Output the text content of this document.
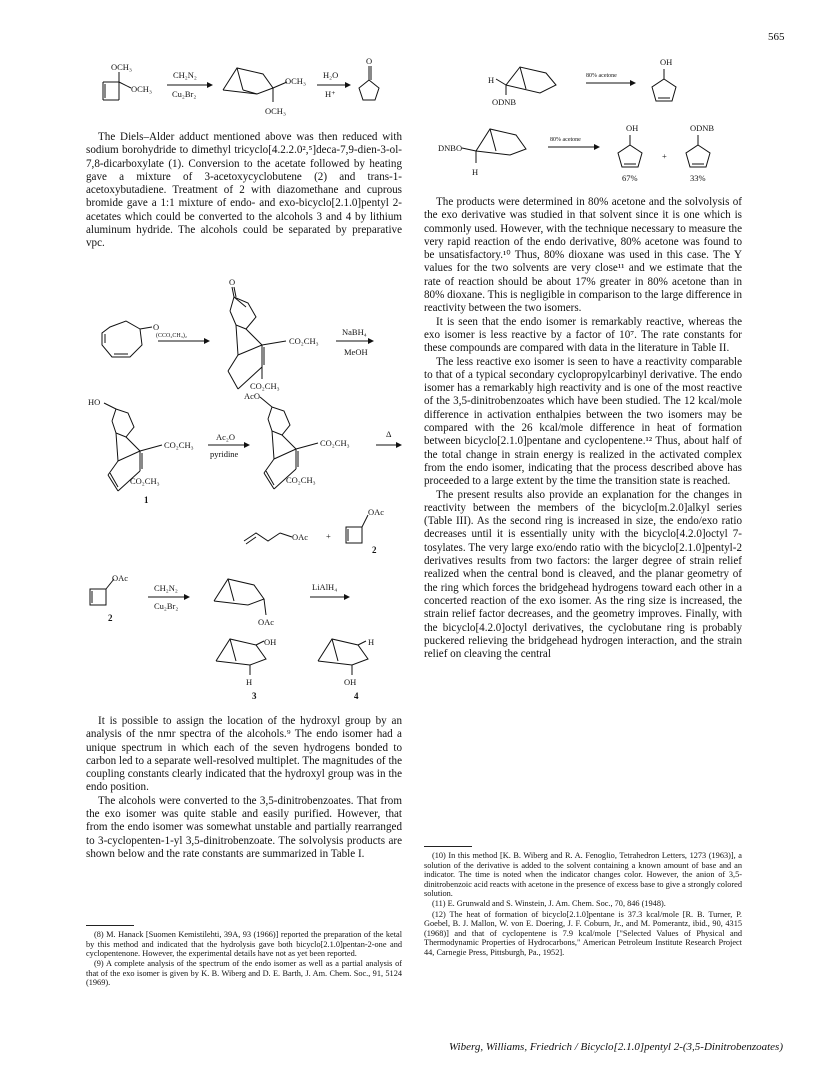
565
OCH₃
OCH₃
CH₂N₂
Cu₂Br₂
OCH₃
OCH₃
H₂O
H⁺
O

The Diels–Alder adduct mentioned above was then reduced with sodium borohydride to dimethyl tricyclo[4.2.2.0²,⁵]deca-7,9-dien-3-ol-7,8-dicarboxylate (1). Conversion to the acetate followed by heating gave a mixture of 3-acetoxycyclobutene (2) and trans-1-acetoxybutadiene. Treatment of 2 with diazomethane and cuprous bromide gave a 1:1 mixture of endo- and exo-bicyclo[2.1.0]pentyl 2-acetates which could be converted to the alcohols 3 and 4 by lithium aluminum hydride. The alcohols could be separated by preparative vpc.

O
(CCO₂CH₃)₂
O
CO₂CH₃
CO₂CH₃
NaBH₄
MeOH
HO
CO₂CH₃
CO₂CH₃
1
Ac₂O
pyridine
AcO
CO₂CH₃
CO₂CH₃
Δ
OAc +
OAc
2
OAc
2
CH₂N₂
Cu₂Br₂
OAc
LiAlH₄
OH
H
3
H
OH
4

It is possible to assign the location of the hydroxyl group by an analysis of the nmr spectra of the alcohols.⁹ The endo isomer had a unique spectrum in which each of the seven hydrogens bonded to carbon led to a separate well-resolved multiplet. The magnitudes of the coupling constants clearly indicated that the hydroxyl group was in the endo position.

The alcohols were converted to the 3,5-dinitrobenzoates. That from the exo isomer was quite stable and easily purified. However, that from the endo isomer was somewhat unstable and partially rearranged to 3-cyclopenten-1-yl 3,5-dinitrobenzoate. The solvolysis products are shown below and the rate constants are summarized in Table I.

(8) M. Hanack [Suomen Kemistilehti, 39A, 93 (1966)] reported the preparation of the ketal by this method and indicated that the hydrolysis gave both bicyclo[2.1.0]pentan-2-one and cyclopentenone. However, the experimental details have not as yet been reported.

(9) A complete analysis of the spectrum of the endo isomer as well as a partial analysis of that of the exo isomer is given by K. B. Wiberg and D. E. Barth, J. Am. Chem. Soc., 91, 5124 (1969).

H
ODNB
80% acetone
OH
DNBO
H
80% acetone
OH
67%
+
ODNB
33%

The products were determined in 80% acetone and the solvolysis of the exo derivative was studied in that solvent since it is one which is commonly used. However, with the technique necessary to measure the very rapid reaction of the endo derivative, 80% acetone was found to be unsatisfactory.¹⁰ Thus, 80% dioxane was used in this case. The Y values for the two solvents are very close¹¹ and we estimate that the rate of reaction should be about 17% greater in 80% acetone than in 80% dioxane. This is negligible in comparison to the large difference in reactivity between the two isomers.

It is seen that the endo isomer is remarkably reactive, whereas the exo isomer is less reactive by a factor of 10⁷. The rate constants for these compounds are compared with data in the literature in Table II.

The less reactive exo isomer is seen to have a reactivity comparable to that of a typical secondary cyclopropylcarbinyl derivative. The endo isomer has a remarkably high reactivity and is one of the most reactive of the 3,5-dinitrobenzoates which have been studied. The 12 kcal/mole difference in activation enthalpies between the two isomers may be compared with the 26 kcal/mole difference in heat of formation between bicyclo[2.1.0]pentane and cyclopentene.¹² Thus, about half of the total change in strain energy is realized in the activated complex from the endo isomer, indicating that the process described above has proceeded to a large extent by the time the transition state is reached.

The present results also provide an explanation for the changes in reactivity between the members of the bicyclo[m.2.0]alkyl series (Table III). As the second ring is increased in size, the endo/exo ratio decreases until it is essentially unity with the bicyclo[4.2.0]octyl 7-tosylates. The very large exo/endo ratio with the bicyclo[2.1.0]pentyl-2 derivatives results from two factors: the larger degree of strain relief realized when the central bond is cleaved, and the planar geometry of the ring which forces the bridgehead hydrogens toward each other in a concerted reaction of the exo isomer. As the ring size is increased, the strain relief factor decreases, and the geometry improves. Finally, with the bicyclo[4.2.0]octyl derivatives, the cyclobutane ring is probably puckered relieving the bridgehead hydrogen interaction, and the strain relief on cleaving the central

(10) In this method [K. B. Wiberg and R. A. Fenoglio, Tetrahedron Letters, 1273 (1963)], a solution of the derivative is added to the solvent containing a known amount of base and an indicator. The time is noted when the indicator changes color. However, the anion of 3,5-dinitrobenzoic acid reacts with acetone in the presence of excess base to give a strongly colored solution.

(11) E. Grunwald and S. Winstein, J. Am. Chem. Soc., 70, 846 (1948).

(12) The heat of formation of bicyclo[2.1.0]pentane is 37.3 kcal/mole [R. B. Turner, P. Goebel, B. J. Mallon, W. von E. Doering, J. F. Coburn, Jr., and M. Pomerantz, ibid., 90, 4315 (1968)] and that of cyclopentene is 7.9 kcal/mole ["Selected Values of Physical and Thermodynamic Properties of Hydrocarbons," American Petroleum Institute Research Project 44, Carnegie Press, Pittsburgh, Pa., 1952].

Wiberg, Williams, Friedrich / Bicyclo[2.1.0]pentyl 2-(3,5-Dinitrobenzoates)
